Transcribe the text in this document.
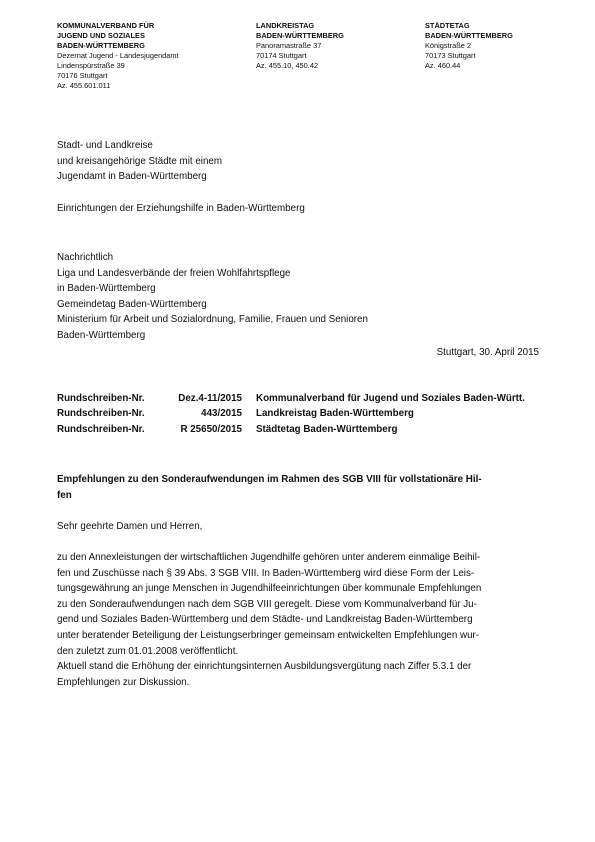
KOMMUNALVERBAND FÜR
JUGEND UND SOZIALES
BADEN-WÜRTTEMBERG
Dezernat Jugend - Landesjugendamt
Lindenspürstraße 39
70176 Stuttgart
Az. 455.601.011
LANDKREISTAG
BADEN-WÜRTTEMBERG
Panoramastraße 37
70174 Stuttgart
Az. 455.10, 450.42
STÄDTETAG
BADEN-WÜRTTEMBERG
Königstraße 2
70173 Stuttgart
Az. 460.44
Stadt- und Landkreise
und kreisangehörige Städte mit einem
Jugendamt in Baden-Württemberg
Einrichtungen der Erziehungshilfe in Baden-Württemberg
Nachrichtlich
Liga und Landesverbände der freien Wohlfahrtspflege
in Baden-Württemberg
Gemeindetag Baden-Württemberg
Ministerium für Arbeit und Sozialordnung, Familie, Frauen und Senioren
Baden-Württemberg
Stuttgart, 30. April 2015
Rundschreiben-Nr.	Dez.4-11/2015 Kommunalverband für Jugend und Soziales Baden-Württ.
Rundschreiben-Nr.	443/2015 Landkreistag Baden-Württemberg
Rundschreiben-Nr.	R 25650/2015 Städtetag Baden-Württemberg
Empfehlungen zu den Sonderaufwendungen im Rahmen des SGB VIII für vollstationäre Hil-
fen
Sehr geehrte Damen und Herren,
zu den Annexleistungen der wirtschaftlichen Jugendhilfe gehören unter anderem einmalige Beihil-
fen und Zuschüsse nach § 39 Abs. 3 SGB VIII. In Baden-Württemberg wird diese Form der Leis-
tungsgewährung an junge Menschen in Jugendhilfeeinrichtungen über kommunale Empfehlungen
zu den Sonderaufwendungen nach dem SGB VIII geregelt. Diese vom Kommunalverband für Ju-
gend und Soziales Baden-Württemberg und dem Städte- und Landkreistag Baden-Württemberg
unter beratender Beteiligung der Leistungserbringer gemeinsam entwickelten Empfehlungen wur-
den zuletzt zum 01.01.2008 veröffentlicht.
Aktuell stand die Erhöhung der einrichtungsinternen Ausbildungsvergütung nach Ziffer 5.3.1 der
Empfehlungen zur Diskussion.
